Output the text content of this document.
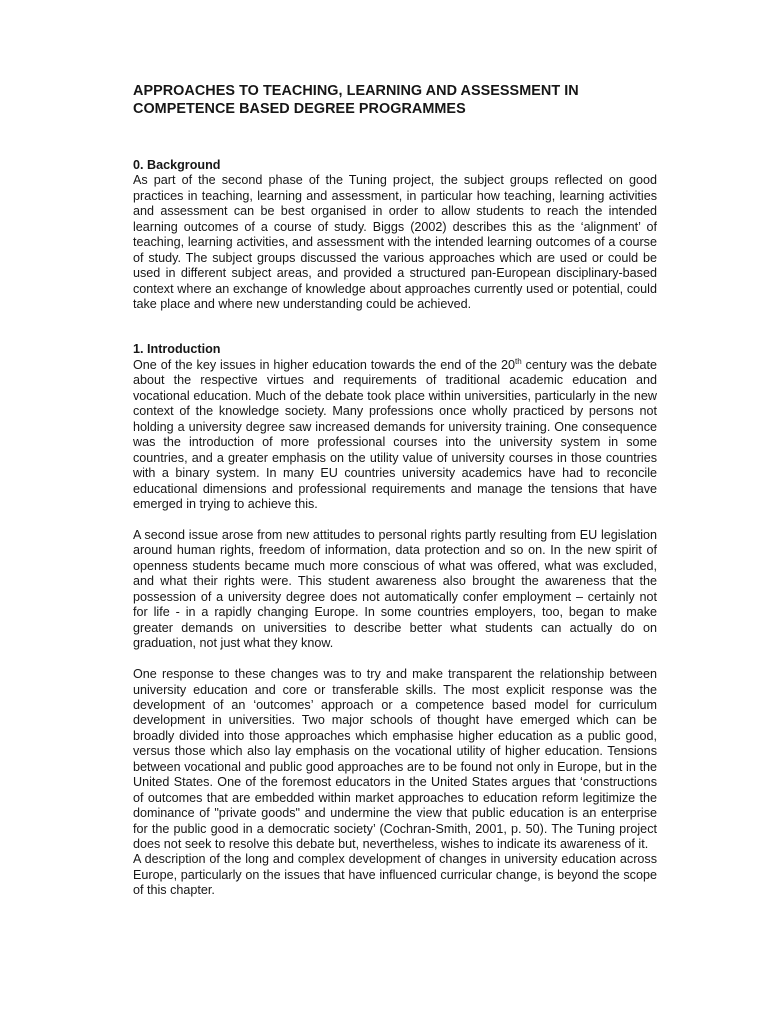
APPROACHES TO TEACHING, LEARNING AND ASSESSMENT IN
COMPETENCE BASED DEGREE PROGRAMMES
0. Background

As part of the second phase of the Tuning project, the subject groups reflected on good practices in teaching, learning and assessment, in particular how teaching, learning activities and assessment can be best organised in order to allow students to reach the intended learning outcomes of a course of study. Biggs (2002) describes this as the ‘alignment’ of teaching, learning activities, and assessment with the intended learning outcomes of a course of study. The subject groups discussed the various approaches which are used or could be used in different subject areas, and provided a structured pan-European disciplinary-based context where an exchange of knowledge about approaches currently used or potential, could take place and where new understanding could be achieved.

1. Introduction

One of the key issues in higher education towards the end of the 20th century was the debate about the respective virtues and requirements of traditional academic education and vocational education. Much of the debate took place within universities, particularly in the new context of the knowledge society. Many professions once wholly practiced by persons not holding a university degree saw increased demands for university training. One consequence was the introduction of more professional courses into the university system in some countries, and a greater emphasis on the utility value of university courses in those countries with a binary system. In many EU countries university academics have had to reconcile educational dimensions and professional requirements and manage the tensions that have emerged in trying to achieve this.

A second issue arose from new attitudes to personal rights partly resulting from EU legislation around human rights, freedom of information, data protection and so on. In the new spirit of openness students became much more conscious of what was offered, what was excluded, and what their rights were. This student awareness also brought the awareness that the possession of a university degree does not automatically confer employment – certainly not for life - in a rapidly changing Europe. In some countries employers, too, began to make greater demands on universities to describe better what students can actually do on graduation, not just what they know.

One response to these changes was to try and make transparent the relationship between university education and core or transferable skills. The most explicit response was the development of an ‘outcomes’ approach or a competence based model for curriculum development in universities. Two major schools of thought have emerged which can be broadly divided into those approaches which emphasise higher education as a public good, versus those which also lay emphasis on the vocational utility of higher education. Tensions between vocational and public good approaches are to be found not only in Europe, but in the United States. One of the foremost educators in the United States argues that ‘constructions of outcomes that are embedded within market approaches to education reform legitimize the dominance of "private goods" and undermine the view that public education is an enterprise for the public good in a democratic society’ (Cochran-Smith, 2001, p. 50). The Tuning project does not seek to resolve this debate but, nevertheless, wishes to indicate its awareness of it.

A description of the long and complex development of changes in university education across Europe, particularly on the issues that have influenced curricular change, is beyond the scope of this chapter.
